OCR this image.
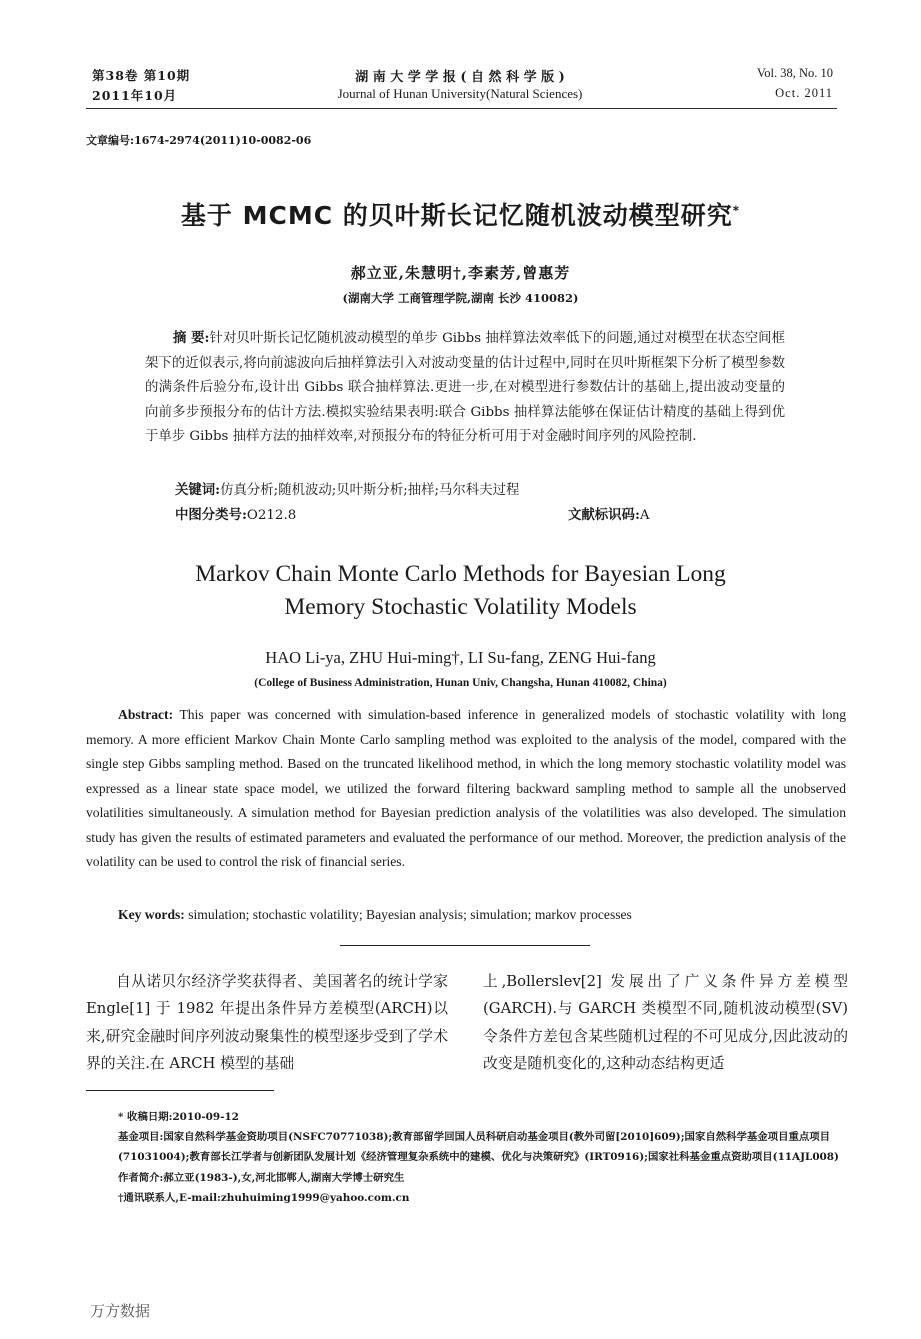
第38卷 第10期
2011年10月
湖 南 大 学 学 报 ( 自 然 科 学 版 )
Journal of Hunan University(Natural Sciences)
Vol. 38, No. 10
Oct. 2011
文章编号:1674-2974(2011)10-0082-06
基于 MCMC 的贝叶斯长记忆随机波动模型研究*
郝立亚,朱慧明†,李素芳,曾惠芳
(湖南大学 工商管理学院,湖南 长沙 410082)
摘 要:针对贝叶斯长记忆随机波动模型的单步 Gibbs 抽样算法效率低下的问题,通过对模型在状态空间框架下的近似表示,将向前滤波向后抽样算法引入对波动变量的估计过程中,同时在贝叶斯框架下分析了模型参数的满条件后验分布,设计出 Gibbs 联合抽样算法.更进一步,在对模型进行参数估计的基础上,提出波动变量的向前多步预报分布的估计方法.模拟实验结果表明:联合 Gibbs 抽样算法能够在保证估计精度的基础上得到优于单步 Gibbs 抽样方法的抽样效率,对预报分布的特征分析可用于对金融时间序列的风险控制.
关键词:仿真分析;随机波动;贝叶斯分析;抽样;马尔科夫过程
中图分类号:O212.8	文献标识码:A
Markov Chain Monte Carlo Methods for Bayesian Long
Memory Stochastic Volatility Models
HAO Li-ya, ZHU Hui-ming†, LI Su-fang, ZENG Hui-fang
(College of Business Administration, Hunan Univ, Changsha, Hunan 410082, China)
Abstract: This paper was concerned with simulation-based inference in generalized models of stochastic volatility with long memory. A more efficient Markov Chain Monte Carlo sampling method was exploited to the analysis of the model, compared with the single step Gibbs sampling method. Based on the truncated likelihood method, in which the long memory stochastic volatility model was expressed as a linear state space model, we utilized the forward filtering backward sampling method to sample all the unobserved volatilities simultaneously. A simulation method for Bayesian prediction analysis of the volatilities was also developed. The simulation study has given the results of estimated parameters and evaluated the performance of our method. Moreover, the prediction analysis of the volatility can be used to control the risk of financial series.
Key words: simulation; stochastic volatility; Bayesian analysis; simulation; markov processes
自从诺贝尔经济学奖获得者、美国著名的统计学家 Engle[1] 于 1982 年提出条件异方差模型(ARCH)以来,研究金融时间序列波动聚集性的模型逐步受到了学术界的关注.在 ARCH 模型的基础
上,Bollerslev[2] 发展出了广义条件异方差模型(GARCH).与 GARCH 类模型不同,随机波动模型(SV)令条件方差包含某些随机过程的不可见成分,因此波动的改变是随机变化的,这种动态结构更适
* 收稿日期:2010-09-12
基金项目:国家自然科学基金资助项目(NSFC70771038);教育部留学回国人员科研启动基金项目(教外司留[2010]609);国家自然科学基金项目重点项目(71031004);教育部长江学者与创新团队发展计划《经济管理复杂系统中的建模、优化与决策研究》(IRT0916);国家社科基金重点资助项目(11AJL008)
作者简介:郝立亚(1983-),女,河北邯郸人,湖南大学博士研究生
†通讯联系人,E-mail:zhuhuiming1999@yahoo.com.cn
万方数据
